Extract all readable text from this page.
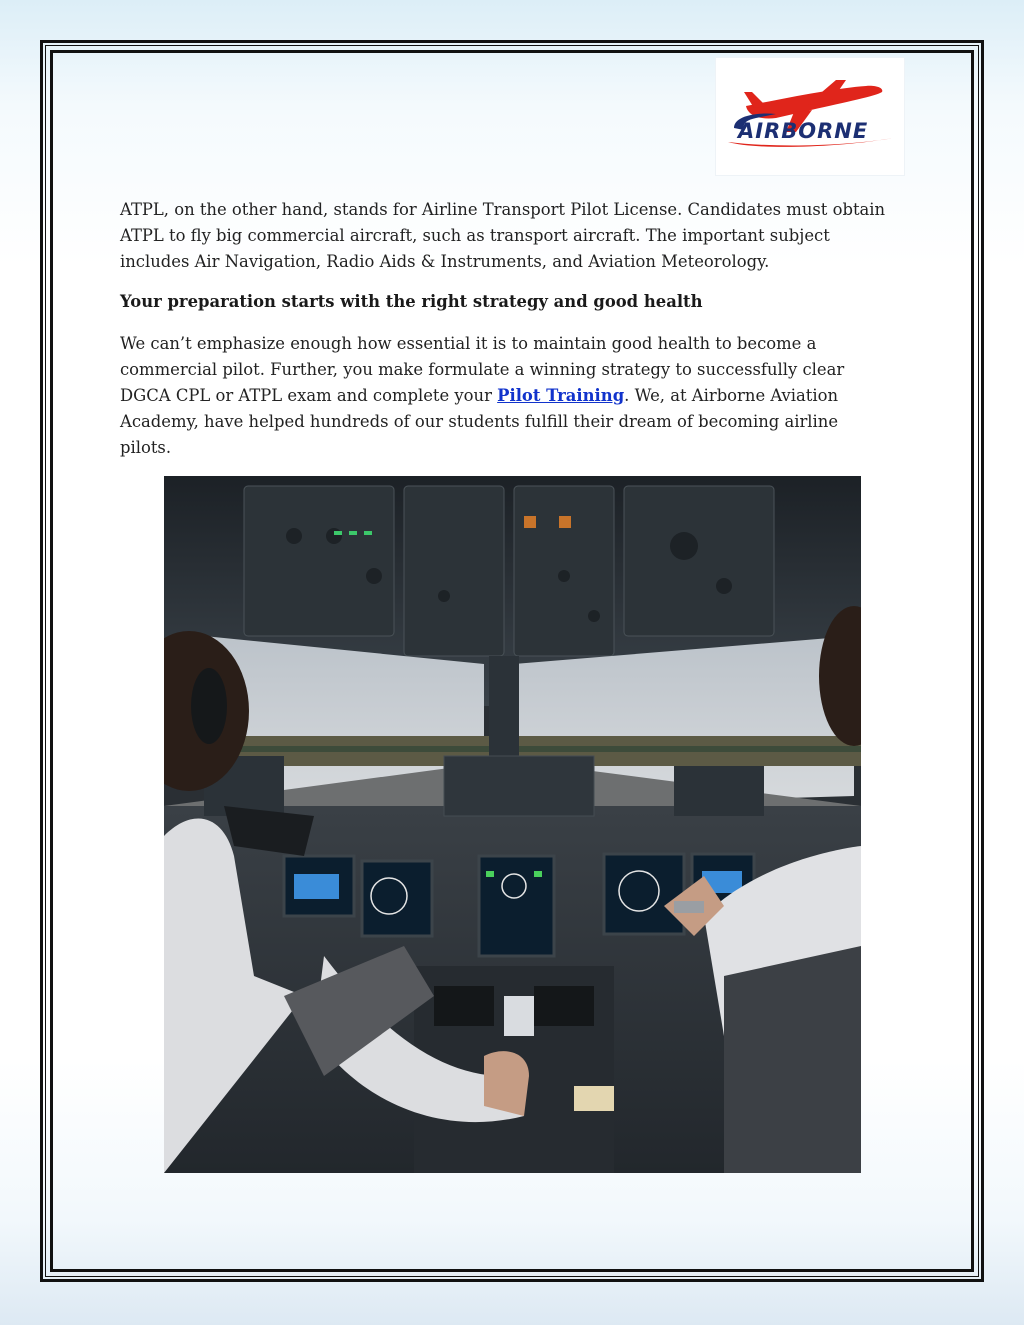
AIRBORNE

ATPL, on the other hand, stands for Airline Transport Pilot License. Candidates must obtain ATPL to fly big commercial aircraft, such as transport aircraft. The important subject includes Air Navigation, Radio Aids & Instruments, and Aviation Meteorology.

Your preparation starts with the right strategy and good health

We can’t emphasize enough how essential it is to maintain good health to become a commercial pilot. Further, you make formulate a winning strategy to successfully clear DGCA CPL or ATPL exam and complete your Pilot Training. We, at Airborne Aviation Academy, have helped hundreds of our students fulfill their dream of becoming airline pilots.
